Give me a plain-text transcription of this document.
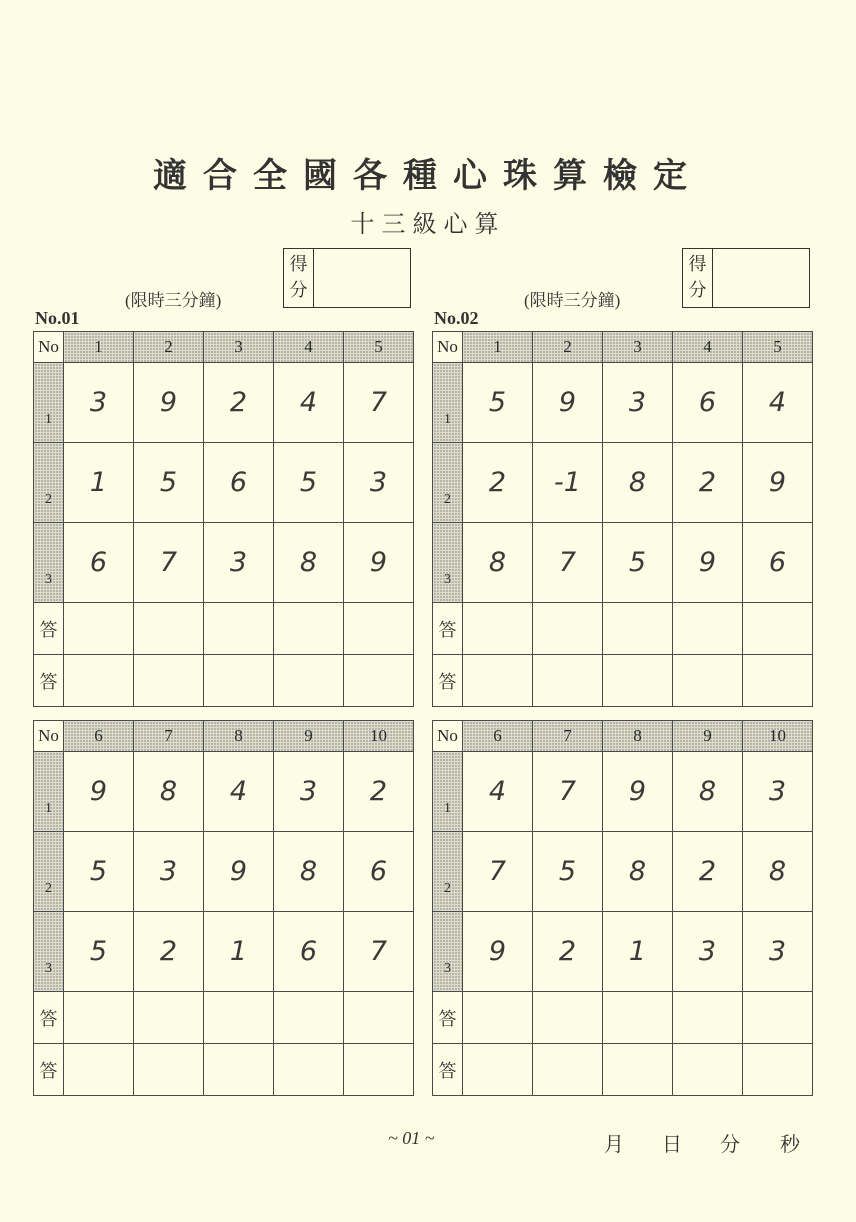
適合全國各種心珠算檢定
十三級心算
(限時三分鐘)
得分
No.01
No	1	2	3	4	5
1	3	9	2	4	7
2	1	5	6	5	3
3	6	7	3	8	9
答					
答					
No	6	7	8	9	10
1	9	8	4	3	2
2	5	3	9	8	6
3	5	2	1	6	7
答					
答					
(限時三分鐘)
得分
No.02
No	1	2	3	4	5
1	5	9	3	6	4
2	2	-1	8	2	9
3	8	7	5	9	6
答					
答					
No	6	7	8	9	10
1	4	7	9	8	3
2	7	5	8	2	8
3	9	2	1	3	3
答					
答					
~ 01 ~	月 日 分 秒
